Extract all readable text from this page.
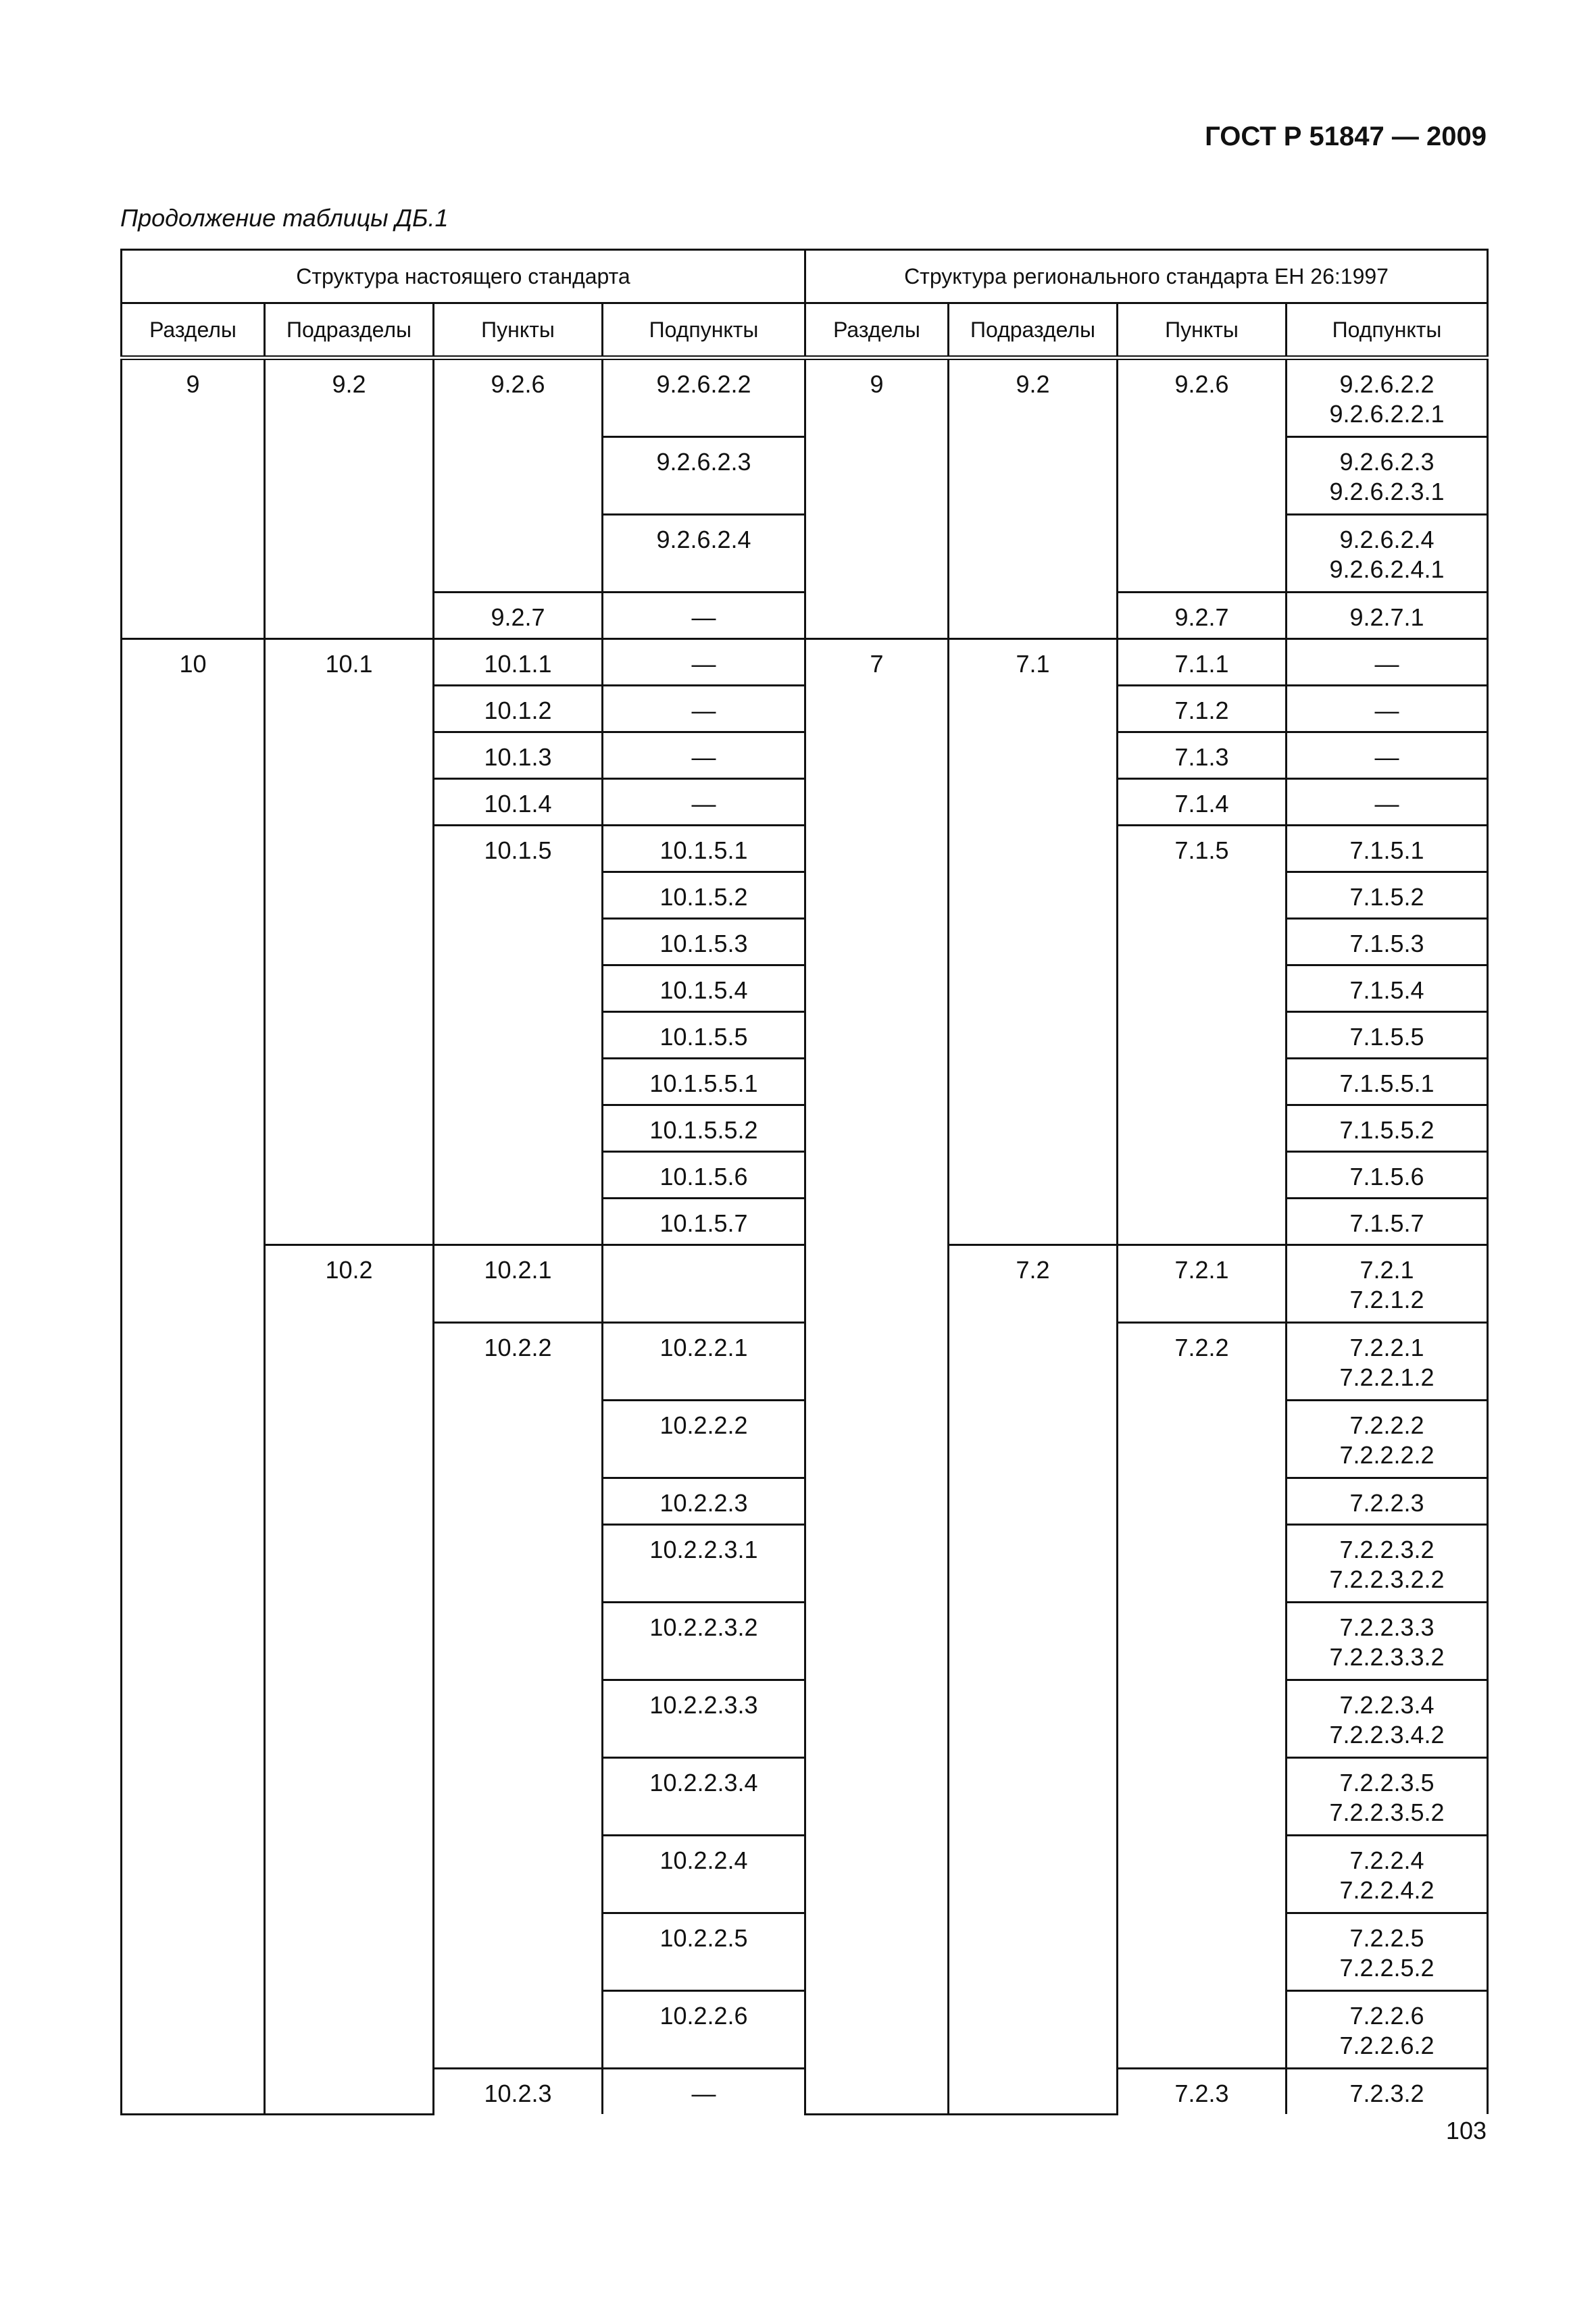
ГОСТ Р 51847 — 2009
Продолжение таблицы ДБ.1
Структура настоящего стандарта				Структура регионального стандарта ЕН 26:1997			
Разделы	Подразделы	Пункты	Подпункты	Разделы	Подразделы	Пункты	Подпункты
9	9.2	9.2.6	9.2.6.2.2	9	9.2	9.2.6	9.2.6.2.2
9.2.6.2.2.1
			9.2.6.2.3				9.2.6.2.3
9.2.6.2.3.1
			9.2.6.2.4				9.2.6.2.4
9.2.6.2.4.1
		9.2.7	—			9.2.7	9.2.7.1
10	10.1	10.1.1	—	7	7.1	7.1.1	—
		10.1.2	—			7.1.2	—
		10.1.3	—			7.1.3	—
		10.1.4	—			7.1.4	—
		10.1.5	10.1.5.1			7.1.5	7.1.5.1
			10.1.5.2				7.1.5.2
			10.1.5.3				7.1.5.3
			10.1.5.4				7.1.5.4
			10.1.5.5				7.1.5.5
			10.1.5.5.1				7.1.5.5.1
			10.1.5.5.2				7.1.5.5.2
			10.1.5.6				7.1.5.6
			10.1.5.7				7.1.5.7
	10.2	10.2.1			7.2	7.2.1	7.2.1
7.2.1.2
		10.2.2	10.2.2.1			7.2.2	7.2.2.1
7.2.2.1.2
			10.2.2.2				7.2.2.2
7.2.2.2.2
			10.2.2.3				7.2.2.3
			10.2.2.3.1				7.2.2.3.2
7.2.2.3.2.2
			10.2.2.3.2				7.2.2.3.3
7.2.2.3.3.2
			10.2.2.3.3				7.2.2.3.4
7.2.2.3.4.2
			10.2.2.3.4				7.2.2.3.5
7.2.2.3.5.2
			10.2.2.4				7.2.2.4
7.2.2.4.2
			10.2.2.5				7.2.2.5
7.2.2.5.2
			10.2.2.6				7.2.2.6
7.2.2.6.2
		10.2.3	—			7.2.3	7.2.3.2
103
